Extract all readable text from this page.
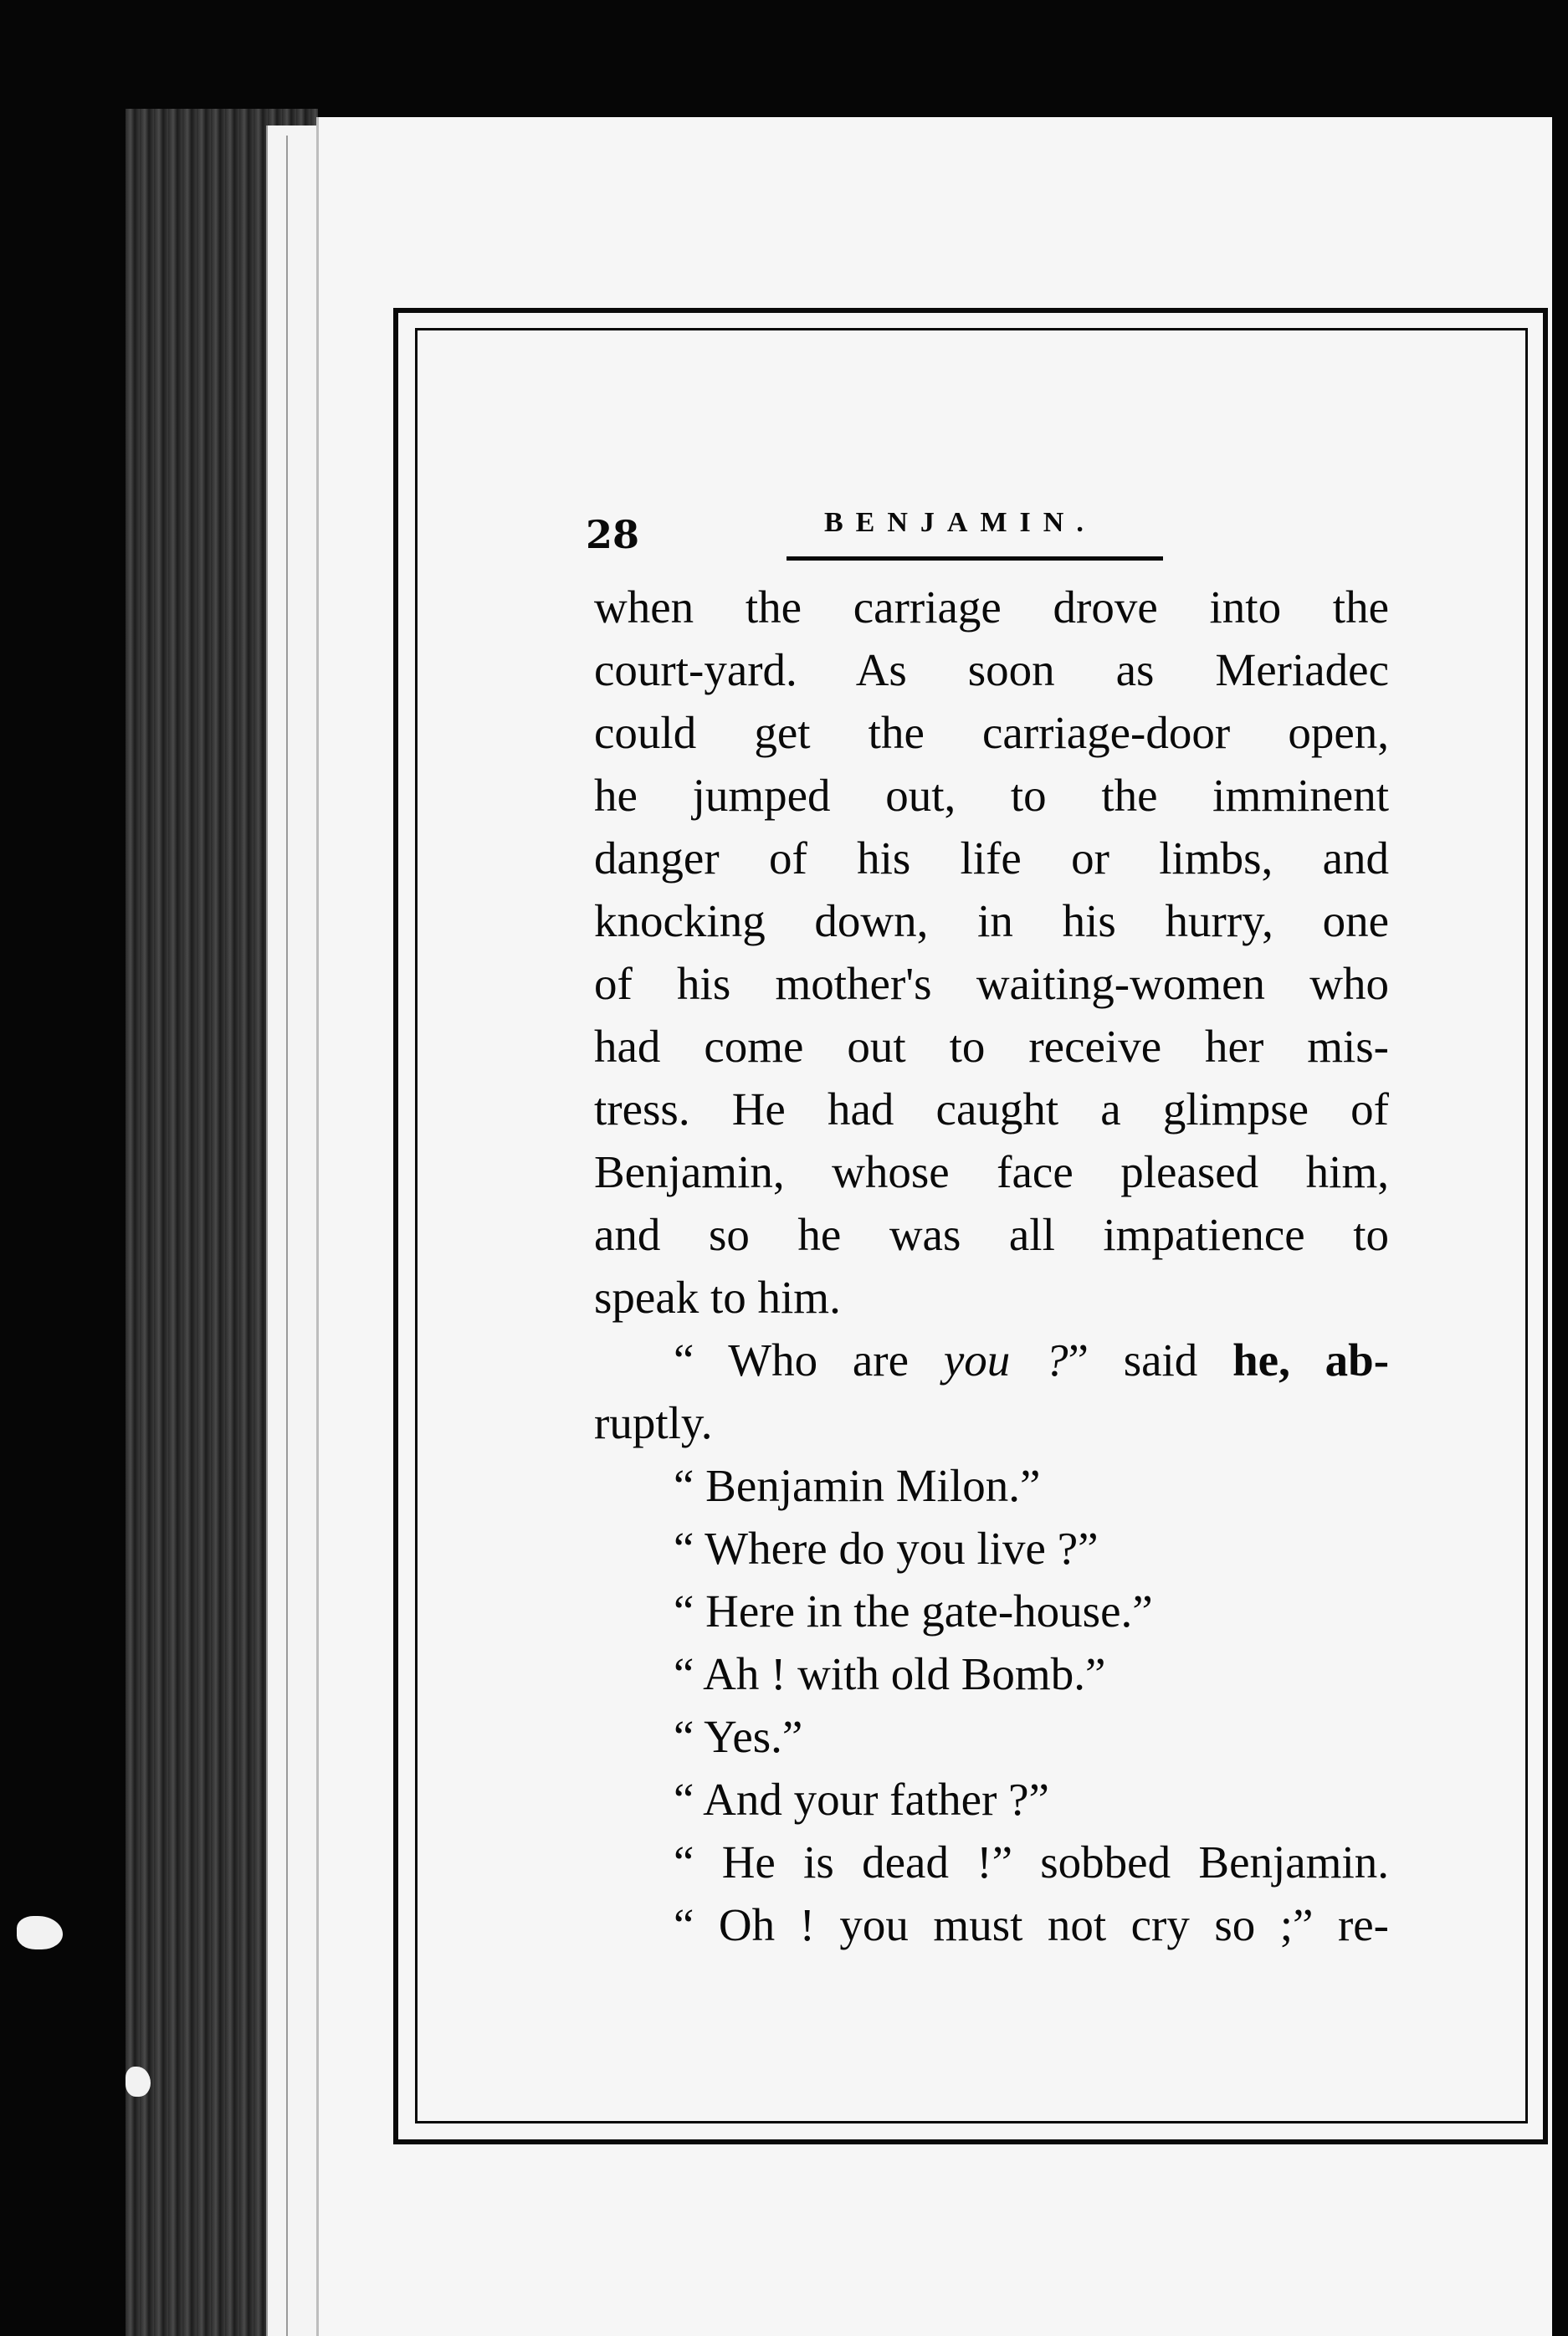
28	BENJAMIN.

when the carriage drove into the
court-yard. As soon as Meriadec
could get the carriage-door open,
he jumped out, to the imminent
danger of his life or limbs, and
knocking down, in his hurry, one
of his mother's waiting-women who
had come out to receive her mis-
tress. He had caught a glimpse of
Benjamin, whose face pleased him,
and so he was all impatience to
speak to him.
“ Who are you ?” said he, ab-
ruptly.
“ Benjamin Milon.”
“ Where do you live ?”
“ Here in the gate-house.”
“ Ah ! with old Bomb.”
“ Yes.”
“ And your father ?”
“ He is dead !” sobbed Benjamin.
“ Oh ! you must not cry so ;” re-
